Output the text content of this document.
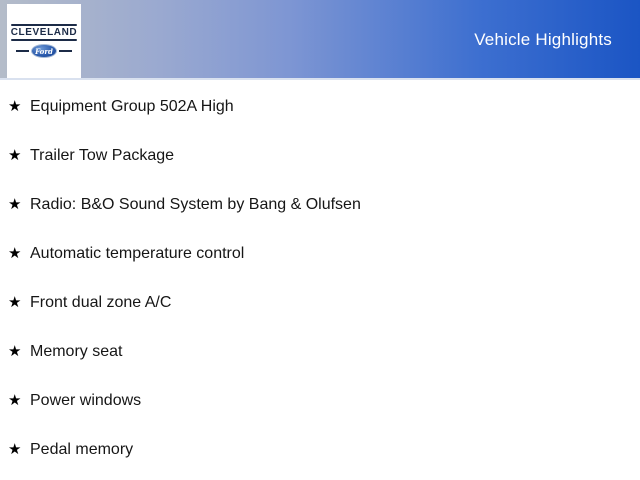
CLEVELAND
Ford
Vehicle Highlights
★ Equipment Group 502A High
★ Trailer Tow Package
★ Radio: B&O Sound System by Bang & Olufsen
★ Automatic temperature control
★ Front dual zone A/C
★ Memory seat
★ Power windows
★ Pedal memory
